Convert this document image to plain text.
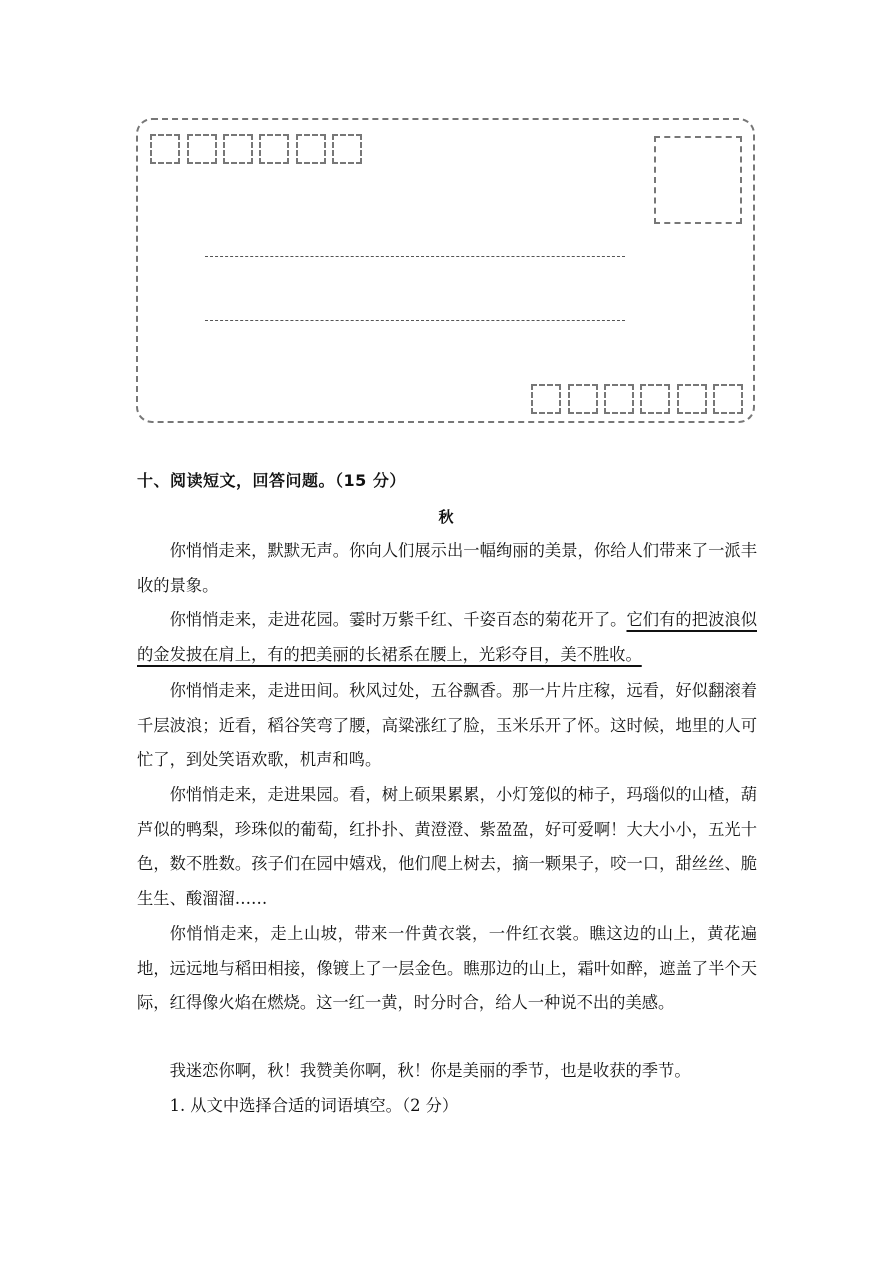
十、阅读短文，回答问题。（15 分）
秋

你悄悄走来，默默无声。你向人们展示出一幅绚丽的美景，你给人们带来了一派丰收的景象。

你悄悄走来，走进花园。霎时万紫千红、千姿百态的菊花开了。它们有的把波浪似的金发披在肩上，有的把美丽的长裙系在腰上，光彩夺目，美不胜收。

你悄悄走来，走进田间。秋风过处，五谷飘香。那一片片庄稼，远看，好似翻滚着千层波浪；近看，稻谷笑弯了腰，高粱涨红了脸，玉米乐开了怀。这时候，地里的人可忙了，到处笑语欢歌，机声和鸣。

你悄悄走来，走进果园。看，树上硕果累累，小灯笼似的柿子，玛瑙似的山楂，葫芦似的鸭梨，珍珠似的葡萄，红扑扑、黄澄澄、紫盈盈，好可爱啊！大大小小，五光十色，数不胜数。孩子们在园中嬉戏，他们爬上树去，摘一颗果子，咬一口，甜丝丝、脆生生、酸溜溜……

你悄悄走来，走上山坡，带来一件黄衣裳，一件红衣裳。瞧这边的山上，黄花遍地，远远地与稻田相接，像镀上了一层金色。瞧那边的山上，霜叶如醉，遮盖了半个天际，红得像火焰在燃烧。这一红一黄，时分时合，给人一种说不出的美感。

我迷恋你啊，秋！我赞美你啊，秋！你是美丽的季节，也是收获的季节。

1. 从文中选择合适的词语填空。（2 分）
